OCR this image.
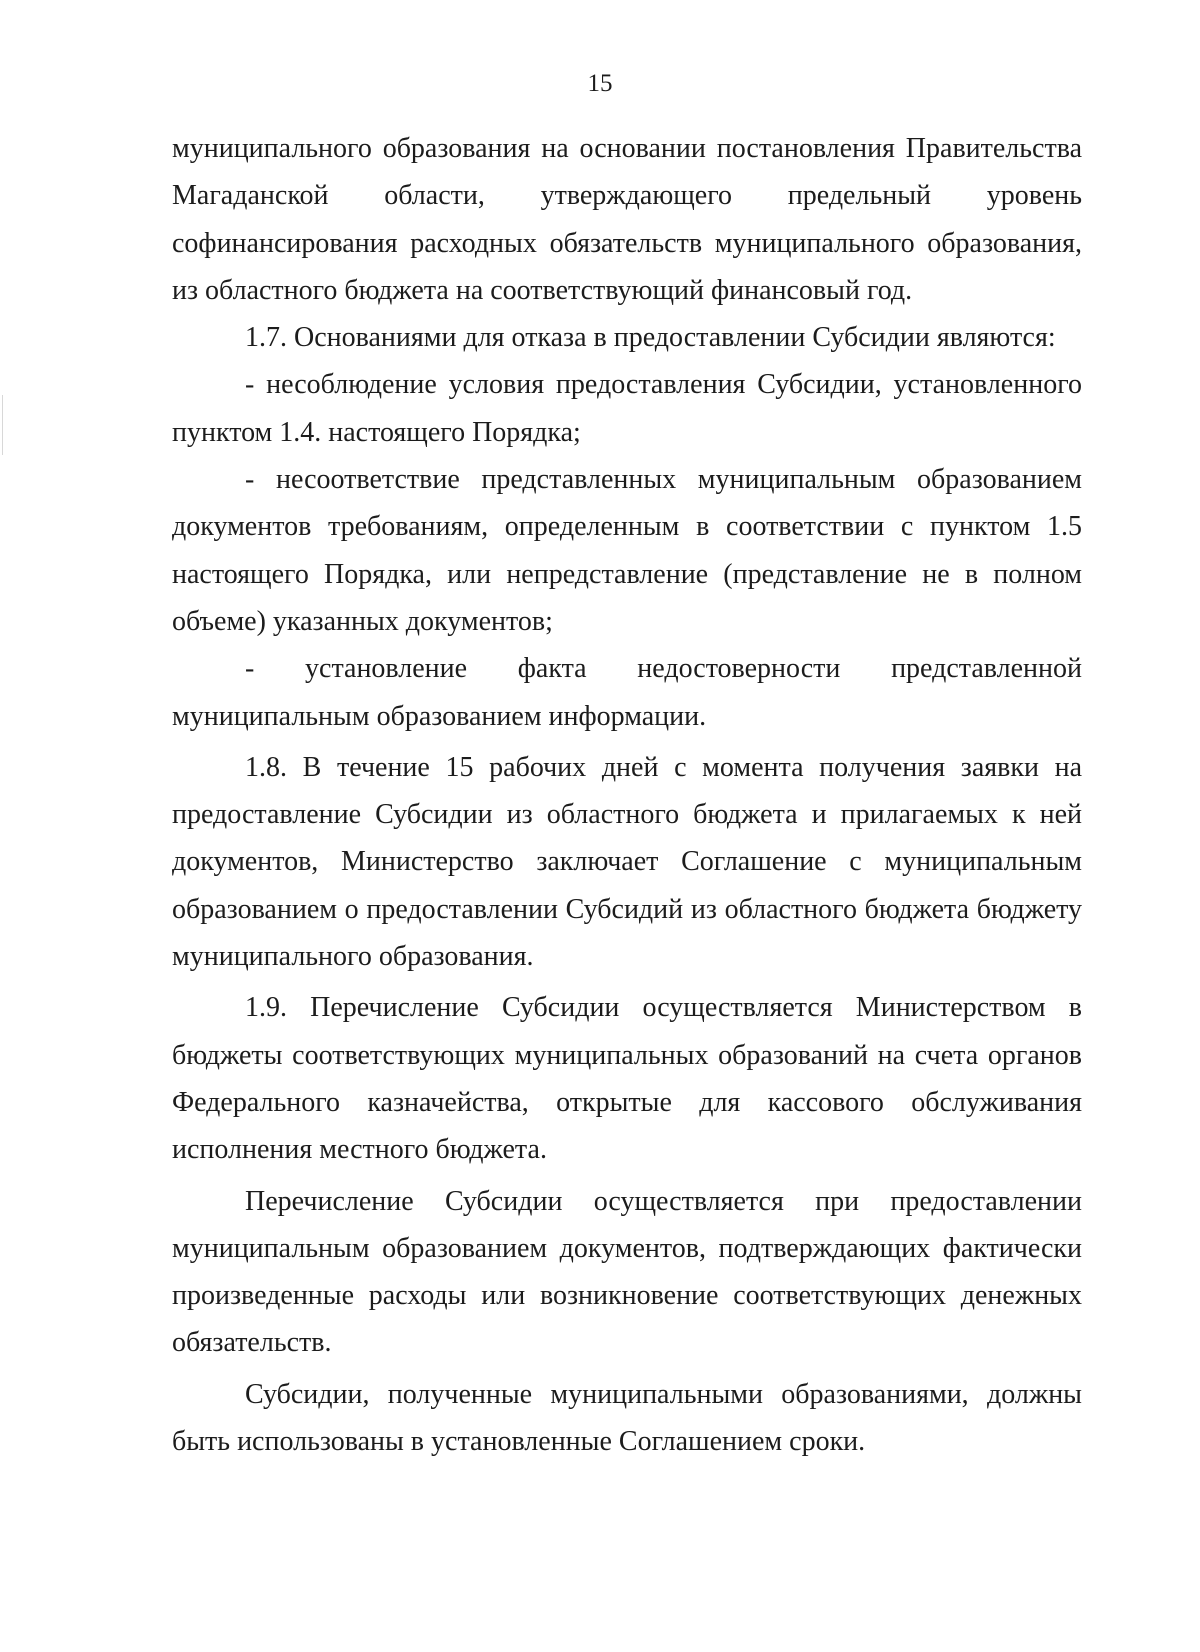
15

муниципального образования на основании постановления Правительства Магаданской области, утверждающего предельный уровень софинансирования расходных обязательств муниципального образования, из областного бюджета на соответствующий финансовый год.

1.7. Основаниями для отказа в предоставлении Субсидии являются:

- несоблюдение условия предоставления Субсидии, установленного пунктом 1.4. настоящего Порядка;

- несоответствие представленных муниципальным образованием документов требованиям, определенным в соответствии с пунктом 1.5 настоящего Порядка, или непредставление (представление не в полном объеме) указанных документов;

- установление факта недостоверности представленной муниципальным образованием информации.

1.8. В течение 15 рабочих дней с момента получения заявки на предоставление Субсидии из областного бюджета и прилагаемых к ней документов, Министерство заключает Соглашение с муниципальным образованием о предоставлении Субсидий из областного бюджета бюджету муниципального образования.

1.9. Перечисление Субсидии осуществляется Министерством в бюджеты соответствующих муниципальных образований на счета органов Федерального казначейства, открытые для кассового обслуживания исполнения местного бюджета.

Перечисление Субсидии осуществляется при предоставлении муниципальным образованием документов, подтверждающих фактически произведенные расходы или возникновение соответствующих денежных обязательств.

Субсидии, полученные муниципальными образованиями, должны быть использованы в установленные Соглашением сроки.
